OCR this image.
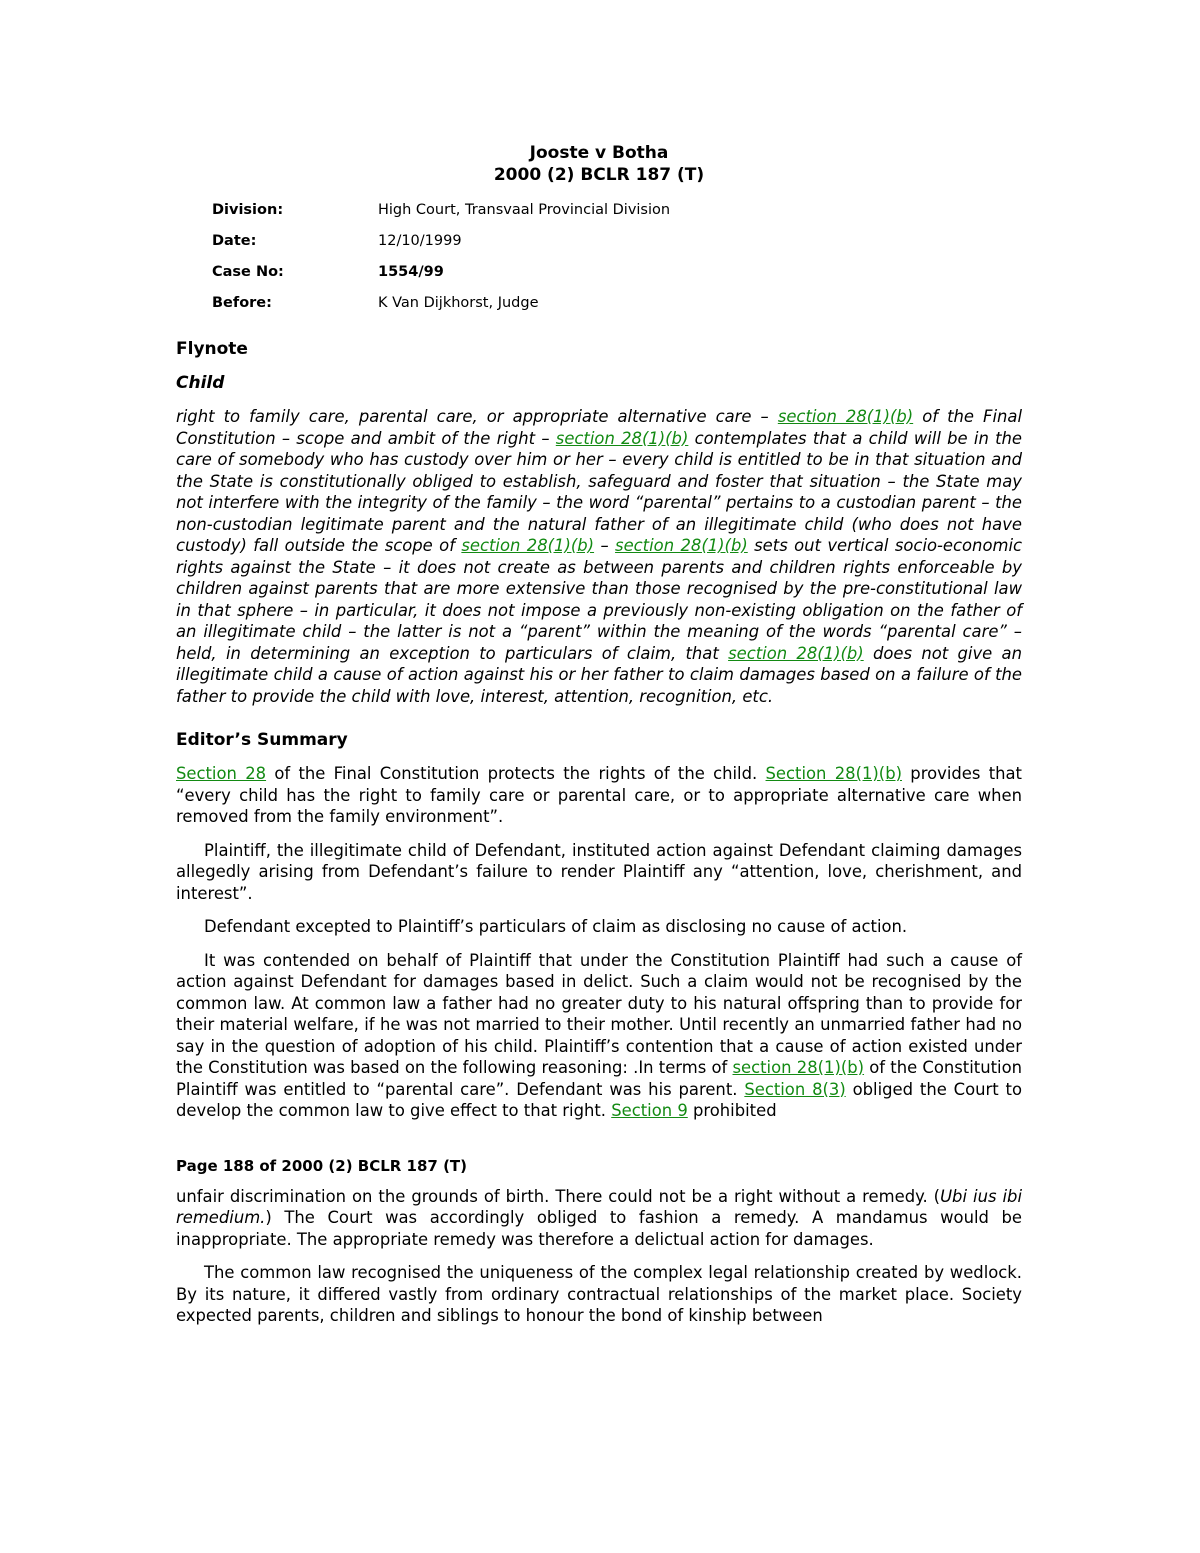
Jooste v Botha

2000 (2) BCLR 187 (T)

Division:	High Court, Transvaal Provincial Division
Date:	12/10/1999
Case No:	1554/99
Before:	K Van Dijkhorst, Judge
Flynote
Child

right to family care, parental care, or appropriate alternative care – section 28(1)(b) of the Final Constitution – scope and ambit of the right – section 28(1)(b) contemplates that a child will be in the care of somebody who has custody over him or her – every child is entitled to be in that situation and the State is constitutionally obliged to establish, safeguard and foster that situation – the State may not interfere with the integrity of the family – the word “parental” pertains to a custodian parent – the non-custodian legitimate parent and the natural father of an illegitimate child (who does not have custody) fall outside the scope of section 28(1)(b) – section 28(1)(b) sets out vertical socio-economic rights against the State – it does not create as between parents and children rights enforceable by children against parents that are more extensive than those recognised by the pre-constitutional law in that sphere – in particular, it does not impose a previously non-existing obligation on the father of an illegitimate child – the latter is not a “parent” within the meaning of the words “parental care” – held, in determining an exception to particulars of claim, that section 28(1)(b) does not give an illegitimate child a cause of action against his or her father to claim damages based on a failure of the father to provide the child with love, interest, attention, recognition, etc.

Editor’s Summary

Section 28 of the Final Constitution protects the rights of the child. Section 28(1)(b) provides that “every child has the right to family care or parental care, or to appropriate alternative care when removed from the family environment”.

Plaintiff, the illegitimate child of Defendant, instituted action against Defendant claiming damages allegedly arising from Defendant’s failure to render Plaintiff any “attention, love, cherishment, and interest”.

Defendant excepted to Plaintiff’s particulars of claim as disclosing no cause of action.

It was contended on behalf of Plaintiff that under the Constitution Plaintiff had such a cause of action against Defendant for damages based in delict. Such a claim would not be recognised by the common law. At common law a father had no greater duty to his natural offspring than to provide for their material welfare, if he was not married to their mother. Until recently an unmarried father had no say in the question of adoption of his child. Plaintiff’s contention that a cause of action existed under the Constitution was based on the following reasoning: .In terms of section 28(1)(b) of the Constitution Plaintiff was entitled to “parental care”. Defendant was his parent. Section 8(3) obliged the Court to develop the common law to give effect to that right. Section 9 prohibited

Page 188 of 2000 (2) BCLR 187 (T)

unfair discrimination on the grounds of birth. There could not be a right without a remedy. (Ubi ius ibi remedium.) The Court was accordingly obliged to fashion a remedy. A mandamus would be inappropriate. The appropriate remedy was therefore a delictual action for damages.

The common law recognised the uniqueness of the complex legal relationship created by wedlock. By its nature, it differed vastly from ordinary contractual relationships of the market place. Society expected parents, children and siblings to honour the bond of kinship between
